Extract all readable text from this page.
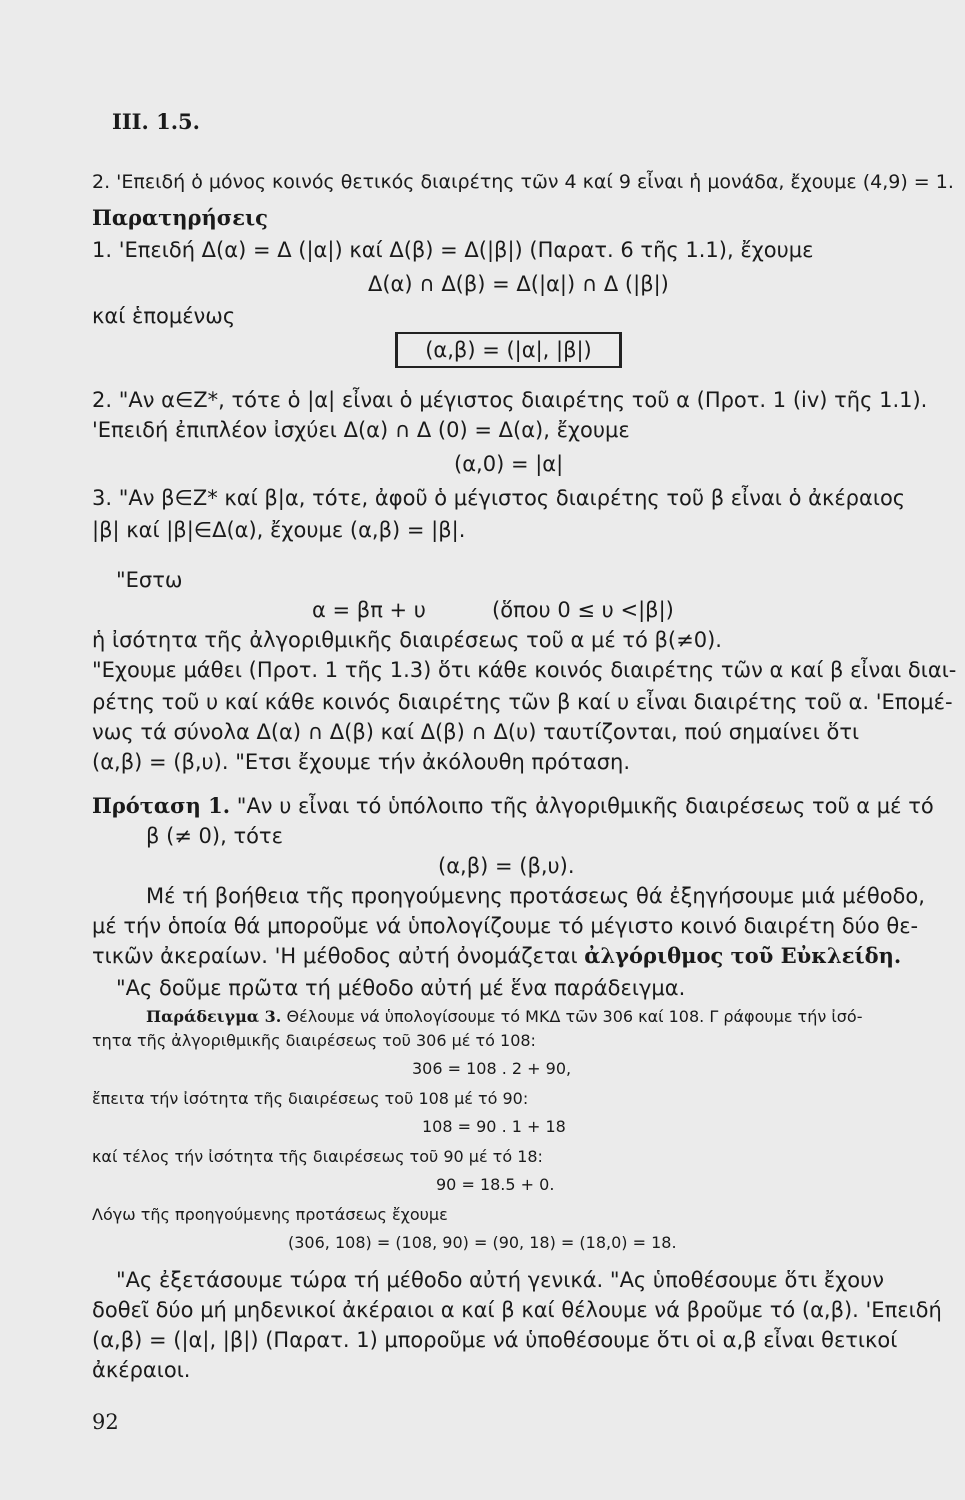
III. 1.5.
2. 'Επειδή ὁ μόνος κοινός θετικός διαιρέτης τῶν 4 καί 9 εἶναι ἡ μονάδα, ἔχουμε (4,9) = 1.
Παρατηρήσεις
1. 'Επειδή Δ(α) = Δ (|α|) καί Δ(β) = Δ(|β|) (Παρατ. 6 τῆς 1.1), ἔχουμε
Δ(α) ∩ Δ(β) = Δ(|α|) ∩ Δ (|β|)
καί ἑπομένως
(α,β) = (|α|, |β|)
2. "Αν α∈Z*, τότε ὁ |α| εἶναι ὁ μέγιστος διαιρέτης τοῦ α (Προτ. 1 (iv) τῆς 1.1).
'Επειδή ἐπιπλέον ἰσχύει Δ(α) ∩ Δ (0) = Δ(α), ἔχουμε
(α,0) = |α|
3. "Αν β∈Z* καί β|α, τότε, ἀφοῦ ὁ μέγιστος διαιρέτης τοῦ β εἶναι ὁ ἀκέραιος
|β| καί |β|∈Δ(α), ἔχουμε (α,β) = |β|.
"Εστω
α = βπ + υ	(ὅπου 0 ≤ υ <|β|)
ἡ ἰσότητα τῆς ἀλγοριθμικῆς διαιρέσεως τοῦ α μέ τό β(≠0).
"Εχουμε μάθει (Προτ. 1 τῆς 1.3) ὅτι κάθε κοινός διαιρέτης τῶν α καί β εἶναι διαι-
ρέτης τοῦ υ καί κάθε κοινός διαιρέτης τῶν β καί υ εἶναι διαιρέτης τοῦ α. 'Επομέ-
νως τά σύνολα Δ(α) ∩ Δ(β) καί Δ(β) ∩ Δ(υ) ταυτίζονται, πού σημαίνει ὅτι
(α,β) = (β,υ). "Ετσι ἔχουμε τήν ἀκόλουθη πρόταση.
Πρόταση 1. "Αν υ εἶναι τό ὑπόλοιπο τῆς ἀλγοριθμικῆς διαιρέσεως τοῦ α μέ τό
β (≠ 0), τότε
(α,β) = (β,υ).
Μέ τή βοήθεια τῆς προηγούμενης προτάσεως θά ἐξηγήσουμε μιά μέθοδο,
μέ τήν ὁποία θά μποροῦμε νά ὑπολογίζουμε τό μέγιστο κοινό διαιρέτη δύο θε-
τικῶν ἀκεραίων. 'Η μέθοδος αὐτή ὀνομάζεται ἀλγόριθμος τοῦ Εὐκλείδη.
"Ας δοῦμε πρῶτα τή μέθοδο αὐτή μέ ἕνα παράδειγμα.
Παράδειγμα 3. Θέλουμε νά ὑπολογίσουμε τό ΜΚΔ τῶν 306 καί 108. Γ ράφουμε τήν ἰσό-
τητα τῆς ἀλγοριθμικῆς διαιρέσεως τοῦ 306 μέ τό 108:
306 = 108 . 2 + 90,
ἔπειτα τήν ἰσότητα τῆς διαιρέσεως τοῦ 108 μέ τό 90:
108 = 90 . 1 + 18
καί τέλος τήν ἰσότητα τῆς διαιρέσεως τοῦ 90 μέ τό 18:
90 = 18.5 + 0.
Λόγω τῆς προηγούμενης προτάσεως ἔχουμε
(306, 108) = (108, 90) = (90, 18) = (18,0) = 18.
"Ας ἐξετάσουμε τώρα τή μέθοδο αὐτή γενικά. "Ας ὑποθέσουμε ὅτι ἔχουν
δοθεῖ δύο μή μηδενικοί ἀκέραιοι α καί β καί θέλουμε νά βροῦμε τό (α,β). 'Επειδή
(α,β) = (|α|, |β|) (Παρατ. 1) μποροῦμε νά ὑποθέσουμε ὅτι οἱ α,β εἶναι θετικοί
ἀκέραιοι.
92
